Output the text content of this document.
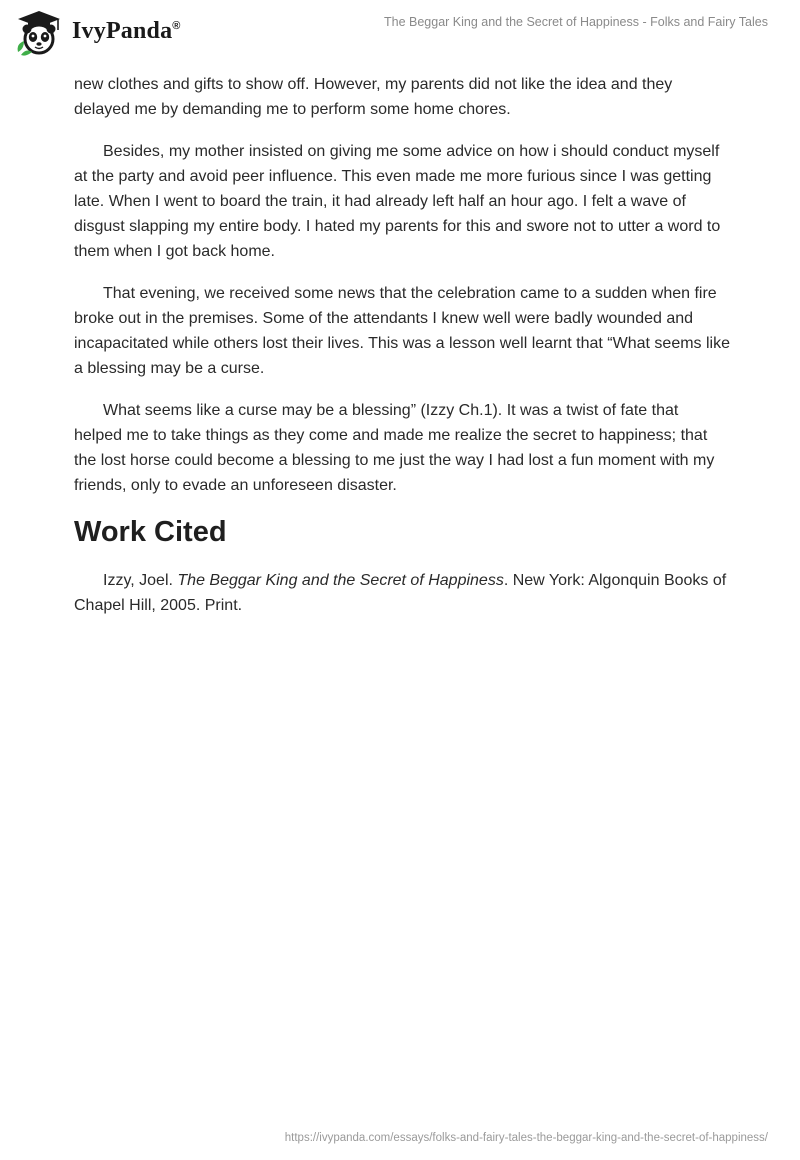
IvyPanda®	The Beggar King and the Secret of Happiness - Folks and Fairy Tales

new clothes and gifts to show off. However, my parents did not like the idea and they delayed me by demanding me to perform some home chores.

Besides, my mother insisted on giving me some advice on how i should conduct myself at the party and avoid peer influence. This even made me more furious since I was getting late. When I went to board the train, it had already left half an hour ago. I felt a wave of disgust slapping my entire body. I hated my parents for this and swore not to utter a word to them when I got back home.

That evening, we received some news that the celebration came to a sudden when fire broke out in the premises. Some of the attendants I knew well were badly wounded and incapacitated while others lost their lives. This was a lesson well learnt that “What seems like a blessing may be a curse.

What seems like a curse may be a blessing” (Izzy Ch.1). It was a twist of fate that helped me to take things as they come and made me realize the secret to happiness; that the lost horse could become a blessing to me just the way I had lost a fun moment with my friends, only to evade an unforeseen disaster.

Work Cited

Izzy, Joel. The Beggar King and the Secret of Happiness. New York: Algonquin Books of Chapel Hill, 2005. Print.

https://ivypanda.com/essays/folks-and-fairy-tales-the-beggar-king-and-the-secret-of-happiness/
